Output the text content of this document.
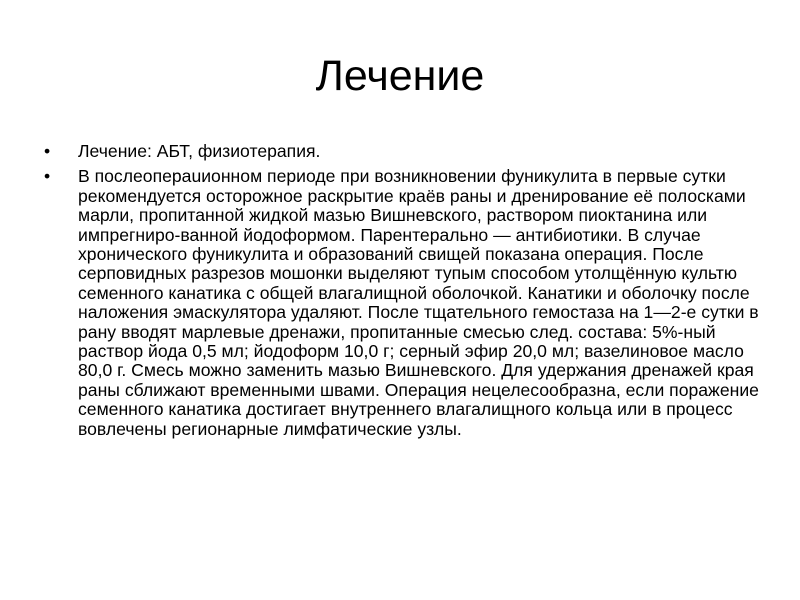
Лечение
• Лечение: АБТ, физиотерапия.
• В послеопераuионном периоде при возникновении фуникулита в первые сутки рекомендуется осторожное раскрытие краёв раны и дренирование её полосками марли, пропитанной жидкой мазью Вишневского, раствором пиоктанина или импрегниро-ванной йодоформом. Парентерально — антибиотики. В случае хронического фуникулита и образований свищей показана операция. После серповидных разрезов мошонки выделяют тупым способом утолщённую культю семенного канатика с общей влагалищной оболочкой. Канатики и оболочку после наложения эмаскулятора удаляют. После тщательного гемостаза на 1—2-е сутки в рану вводят марлевые дренажи, пропитанные смесью след. состава: 5%-ный раствор йода 0,5 мл; йодоформ 10,0 г; серный эфир 20,0 мл; вазелиновое масло 80,0 г. Смесь можно заменить мазью Вишневского. Для удержания дренажей края раны сближают временными швами. Операция нецелесообразна, если поражение семенного канатика достигает внутреннего влагалищного кольца или в процесс вовлечены регионарные лимфатические узлы.
